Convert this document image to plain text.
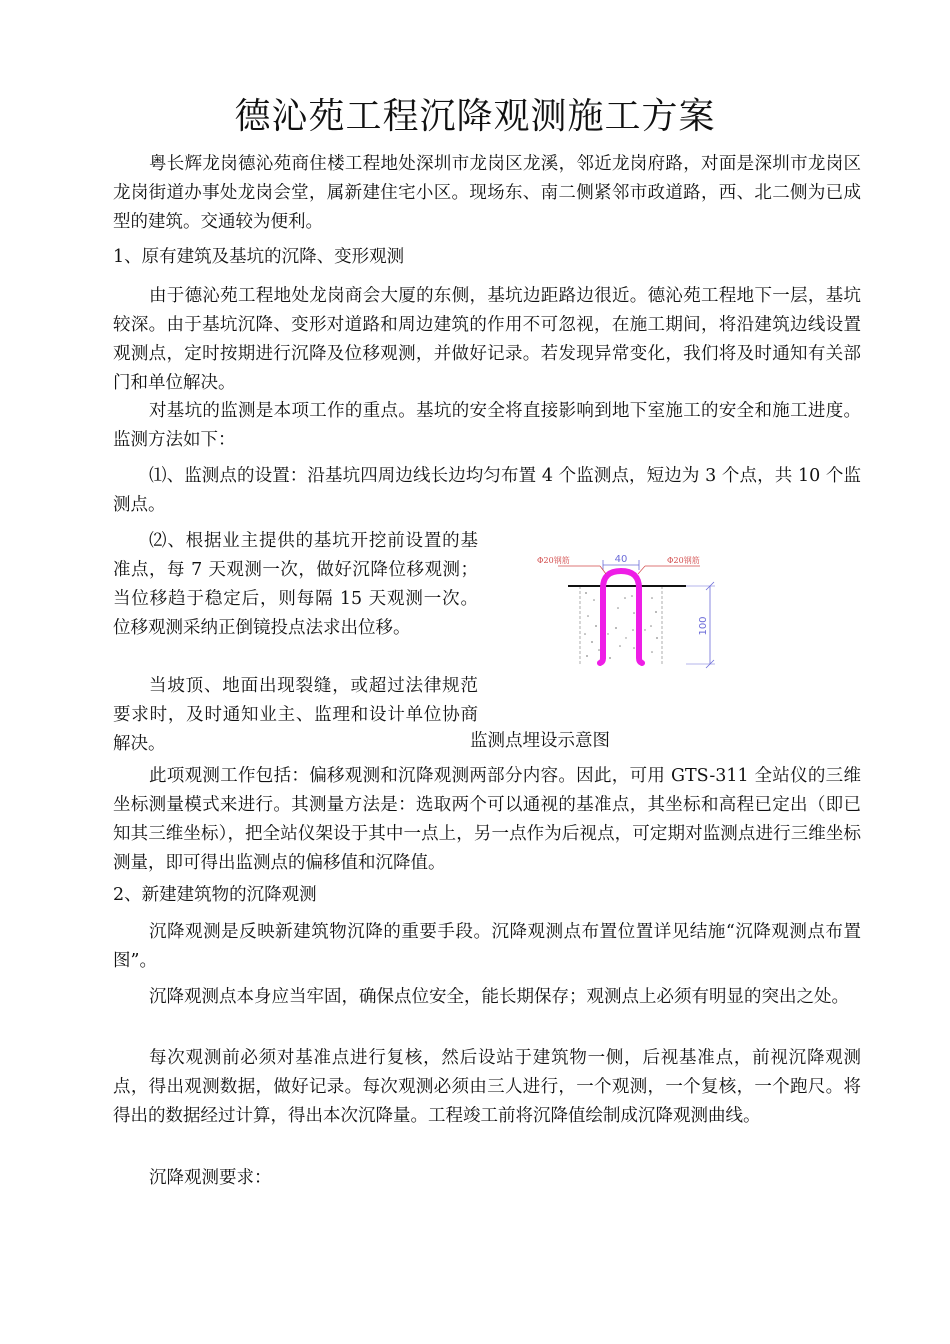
德沁苑工程沉降观测施工方案

粤长辉龙岗德沁苑商住楼工程地处深圳市龙岗区龙溪，邻近龙岗府路，对面是深圳市龙岗区龙岗街道办事处龙岗会堂，属新建住宅小区。现场东、南二侧紧邻市政道路，西、北二侧为已成型的建筑。交通较为便利。

1、原有建筑及基坑的沉降、变形观测

由于德沁苑工程地处龙岗商会大厦的东侧，基坑边距路边很近。德沁苑工程地下一层，基坑较深。由于基坑沉降、变形对道路和周边建筑的作用不可忽视，在施工期间，将沿建筑边线设置观测点，定时按期进行沉降及位移观测，并做好记录。若发现异常变化，我们将及时通知有关部门和单位解决。

对基坑的监测是本项工作的重点。基坑的安全将直接影响到地下室施工的安全和施工进度。监测方法如下：

⑴、监测点的设置：沿基坑四周边线长边均匀布置 4 个监测点，短边为 3 个点，共 10 个监测点。

⑵、根据业主提供的基坑开挖前设置的基准点，每 7 天观测一次，做好沉降位移观测；当位移趋于稳定后，则每隔 15 天观测一次。位移观测采纳正倒镜投点法求出位移。

当坡顶、地面出现裂缝，或超过法律规范要求时，及时通知业主、监理和设计单位协商解决。

40
Φ20钢筋	Φ20钢筋
100
监测点埋设示意图

此项观测工作包括：偏移观测和沉降观测两部分内容。因此，可用 GTS-311 全站仪的三维坐标测量模式来进行。其测量方法是：选取两个可以通视的基准点，其坐标和高程已定出（即已知其三维坐标），把全站仪架设于其中一点上，另一点作为后视点，可定期对监测点进行三维坐标测量，即可得出监测点的偏移值和沉降值。

2、新建建筑物的沉降观测

沉降观测是反映新建筑物沉降的重要手段。沉降观测点布置位置详见结施“沉降观测点布置图”。

沉降观测点本身应当牢固，确保点位安全，能长期保存；观测点上必须有明显的突出之处。

每次观测前必须对基准点进行复核，然后设站于建筑物一侧，后视基准点，前视沉降观测点，得出观测数据，做好记录。每次观测必须由三人进行，一个观测，一个复核，一个跑尺。将得出的数据经过计算，得出本次沉降量。工程竣工前将沉降值绘制成沉降观测曲线。

沉降观测要求：
